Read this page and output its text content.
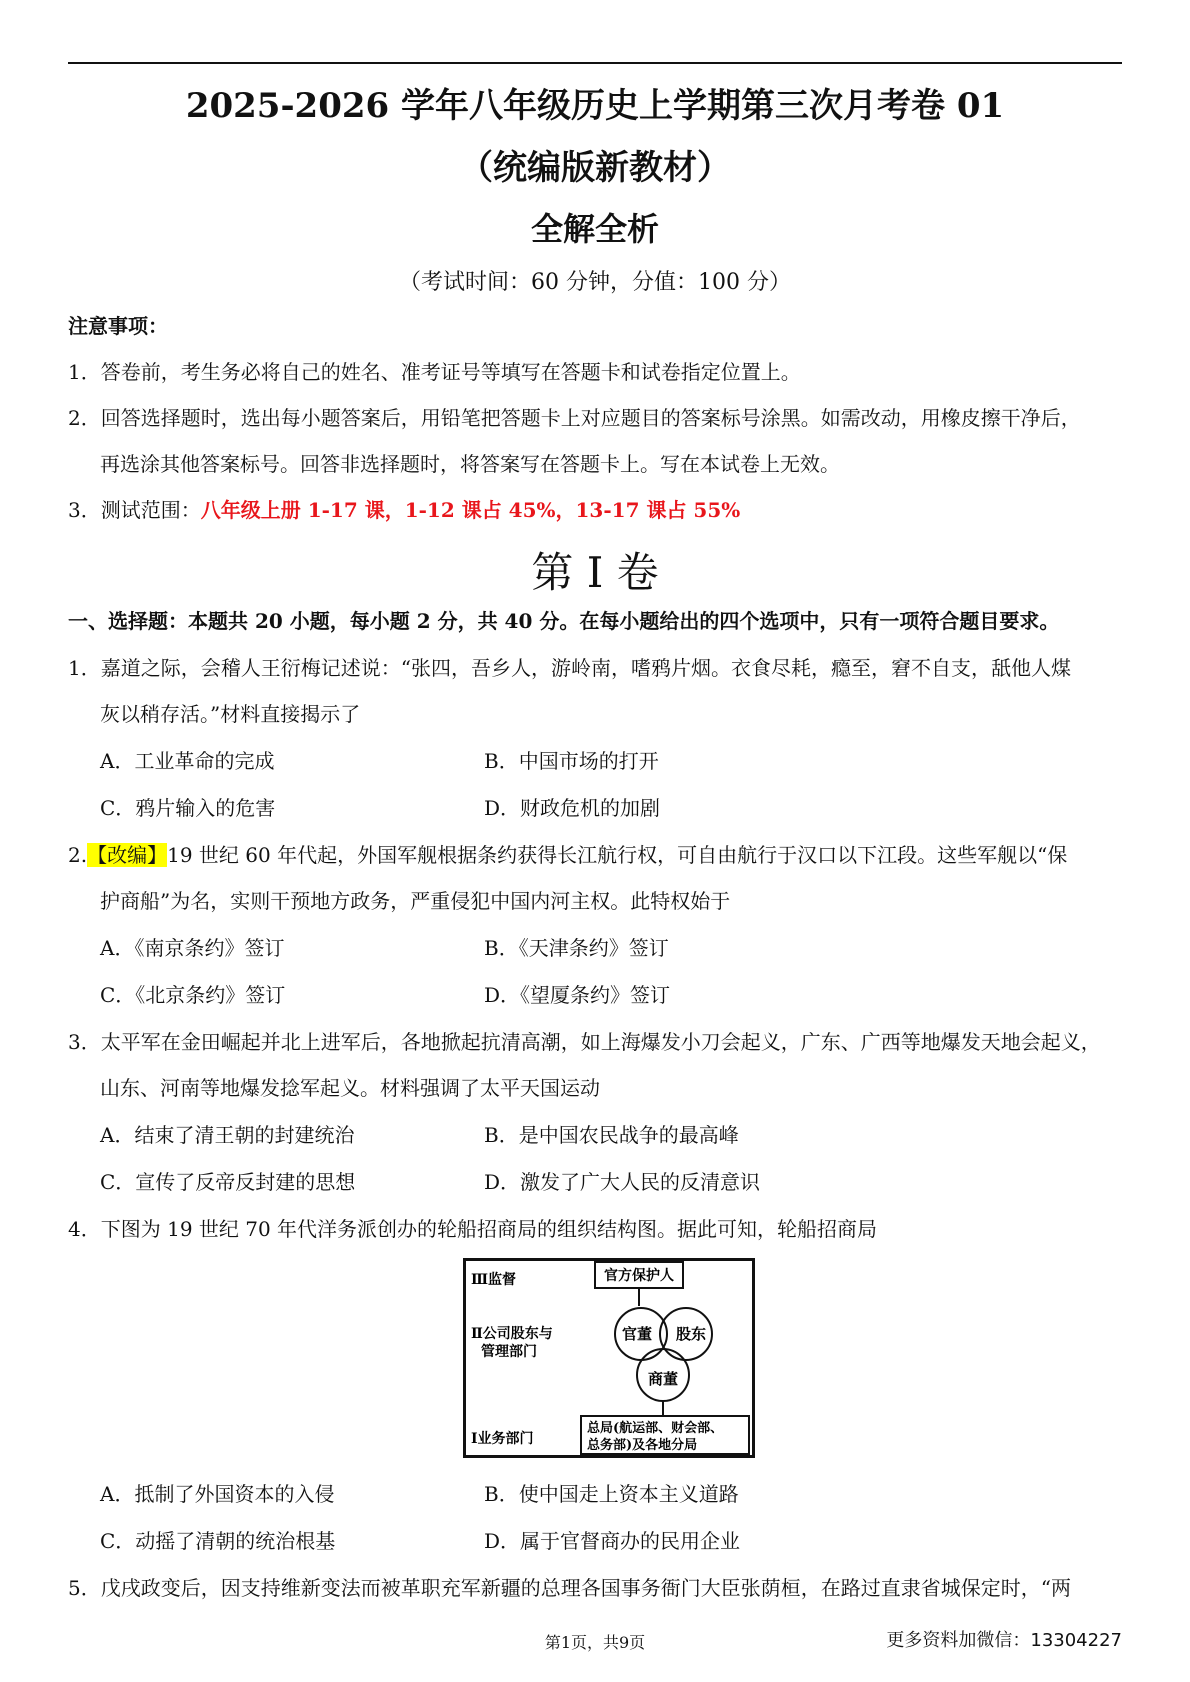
2025-2026 学年八年级历史上学期第三次月考卷 01
（统编版新教材）
全解全析
（考试时间：60 分钟，分值：100 分）
注意事项：
1．答卷前，考生务必将自己的姓名、准考证号等填写在答题卡和试卷指定位置上。
2．回答选择题时，选出每小题答案后，用铅笔把答题卡上对应题目的答案标号涂黑。如需改动，用橡皮擦干净后，
再选涂其他答案标号。回答非选择题时，将答案写在答题卡上。写在本试卷上无效。
3．测试范围：八年级上册 1-17 课，1-12 课占 45%，13-17 课占 55%
第 I 卷
一、选择题：本题共 20 小题，每小题 2 分，共 40 分。在每小题给出的四个选项中，只有一项符合题目要求。
1．嘉道之际，会稽人王衍梅记述说：“张四，吾乡人，游岭南，嗜鸦片烟。衣食尽耗，瘾至，窘不自支，舐他人煤
灰以稍存活。”材料直接揭示了
A．工业革命的完成	B．中国市场的打开
C．鸦片输入的危害	D．财政危机的加剧
2.【改编】19 世纪 60 年代起，外国军舰根据条约获得长江航行权，可自由航行于汉口以下江段。这些军舰以“保
护商船”为名，实则干预地方政务，严重侵犯中国内河主权。此特权始于
A．《南京条约》签订	B．《天津条约》签订
C．《北京条约》签订	D．《望厦条约》签订
3．太平军在金田崛起并北上进军后，各地掀起抗清高潮，如上海爆发小刀会起义，广东、广西等地爆发天地会起义，
山东、河南等地爆发捻军起义。材料强调了太平天国运动
A．结束了清王朝的封建统治	B．是中国农民战争的最高峰
C．宣传了反帝反封建的思想	D．激发了广大人民的反清意识
4．下图为 19 世纪 70 年代洋务派创办的轮船招商局的组织结构图。据此可知，轮船招商局
Ⅲ监督
Ⅱ公司股东与
管理部门
Ⅰ业务部门
官方保护人
官董 股东
商董
总局(航运部、财会部、
总务部)及各地分局
A．抵制了外国资本的入侵	B．使中国走上资本主义道路
C．动摇了清朝的统治根基	D．属于官督商办的民用企业
5．戊戌政变后，因支持维新变法而被革职充军新疆的总理各国事务衙门大臣张荫桓，在路过直隶省城保定时，“两
第1页，共9页	更多资料加微信：13304227
